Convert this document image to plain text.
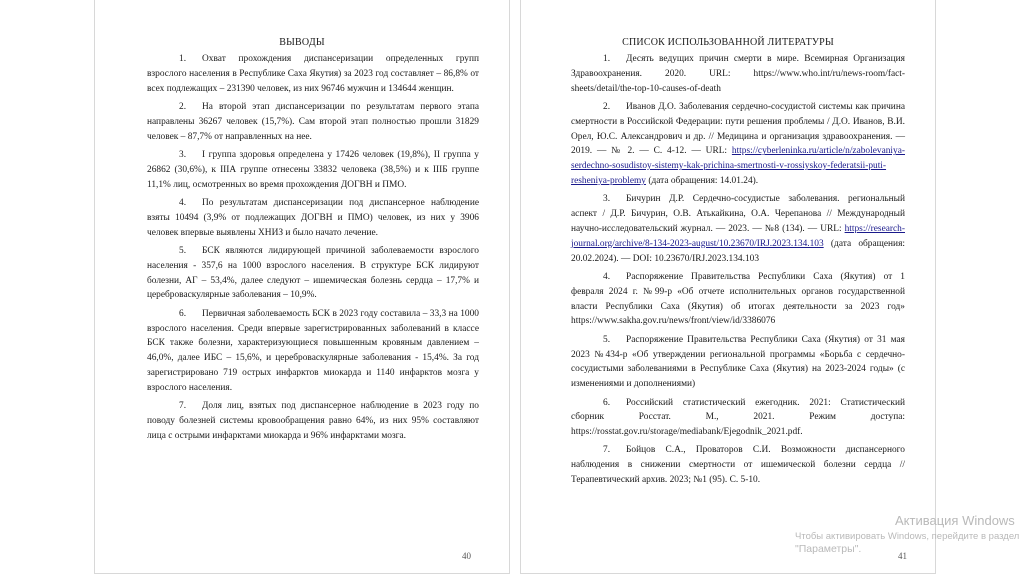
ВЫВОДЫ

1. Охват прохождения диспансеризации определенных групп взрослого населения в Республике Саха Якутия) за 2023 год составляет – 86,8% от всех подлежащих – 231390 человек, из них 96746 мужчин и 134644 женщин.

2. На второй этап диспансеризации по результатам первого этапа направлены 36267 человек (15,7%). Сам второй этап полностью прошли 31829 человек – 87,7% от направленных на нее.

3. I группа здоровья определена у 17426 человек (19,8%), II группа у 26862 (30,6%), к IIIА группе отнесены 33832 человека (38,5%) и к IIIБ группе 11,1% лиц, осмотренных во время прохождения ДОГВН и ПМО.

4. По результатам диспансеризации под диспансерное наблюдение взяты 10494 (3,9% от подлежащих ДОГВН и ПМО) человек, из них у 3906 человек впервые выявлены ХНИЗ и было начато лечение.

5. БСК являются лидирующей причиной заболеваемости взрослого населения - 357,6 на 1000 взрослого населения. В структуре БСК лидируют болезни, АГ – 53,4%, далее следуют – ишемическая болезнь сердца – 17,7% и цереброваскулярные заболевания – 10,9%.

6. Первичная заболеваемость БСК в 2023 году составила – 33,3 на 1000 взрослого населения. Среди впервые зарегистрированных заболеваний в классе БСК также болезни, характеризующиеся повышенным кровяным давлением – 46,0%, далее ИБС – 15,6%, и цереброваскулярные заболевания - 15,4%. За год зарегистрировано 719 острых инфарктов миокарда и 1140 инфарктов мозга у взрослого населения.

7. Доля лиц, взятых под диспансерное наблюдение в 2023 году по поводу болезней системы кровообращения равно 64%, из них 95% составляют лица с острыми инфарктами миокарда и 96% инфарктами мозга.

40
СПИСОК ИСПОЛЬЗОВАННОЙ ЛИТЕРАТУРЫ

1. Десять ведущих причин смерти в мире. Всемирная Организация Здравоохранения. 2020. URL: https://www.who.int/ru/news-room/fact-sheets/detail/the-top-10-causes-of-death

2. Иванов Д.О. Заболевания сердечно-сосудистой системы как причина смертности в Российской Федерации: пути решения проблемы / Д.О. Иванов, В.И. Орел, Ю.С. Александрович и др. // Медицина и организация здравоохранения. — 2019. — № 2. — С. 4-12. — URL: https://cyberleninka.ru/article/n/zabolevaniya-serdechno-sosudistoy-sistemy-kak-prichina-smertnosti-v-rossiyskoy-federatsii-puti-resheniya-problemy (дата обращения: 14.01.24).

3. Бичурин Д.Р. Сердечно-сосудистые заболевания. региональный аспект / Д.Р. Бичурин, О.В. Атькайкина, О.А. Черепанова // Международный научно-исследовательский журнал. — 2023. — №8 (134). — URL: https://research-journal.org/archive/8-134-2023-august/10.23670/IRJ.2023.134.103 (дата обращения: 20.02.2024). — DOI: 10.23670/IRJ.2023.134.103

4. Распоряжение Правительства Республики Саха (Якутия) от 1 февраля 2024 г. №99-р «Об отчете исполнительных органов государственной власти Республики Саха (Якутия) об итогах деятельности за 2023 год» https://www.sakha.gov.ru/news/front/view/id/3386076

5. Распоряжение Правительства Республики Саха (Якутия) от 31 мая 2023 №434-р «Об утверждении региональной программы «Борьба с сердечно-сосудистыми заболеваниями в Республике Саха (Якутия) на 2023-2024 годы» (с изменениями и дополнениями)

6. Российский статистический ежегодник. 2021: Статистический сборник Росстат. М., 2021. Режим доступа: https://rosstat.gov.ru/storage/mediabank/Ejegodnik_2021.pdf.

7. Бойцов С.А., Проваторов С.И. Возможности диспансерного наблюдения в снижении смертности от ишемической болезни сердца // Терапевтический архив. 2023; №1 (95). С. 5-10.

41
Активация Windows
Чтобы активировать Windows, перейдите в раздел
"Параметры".
